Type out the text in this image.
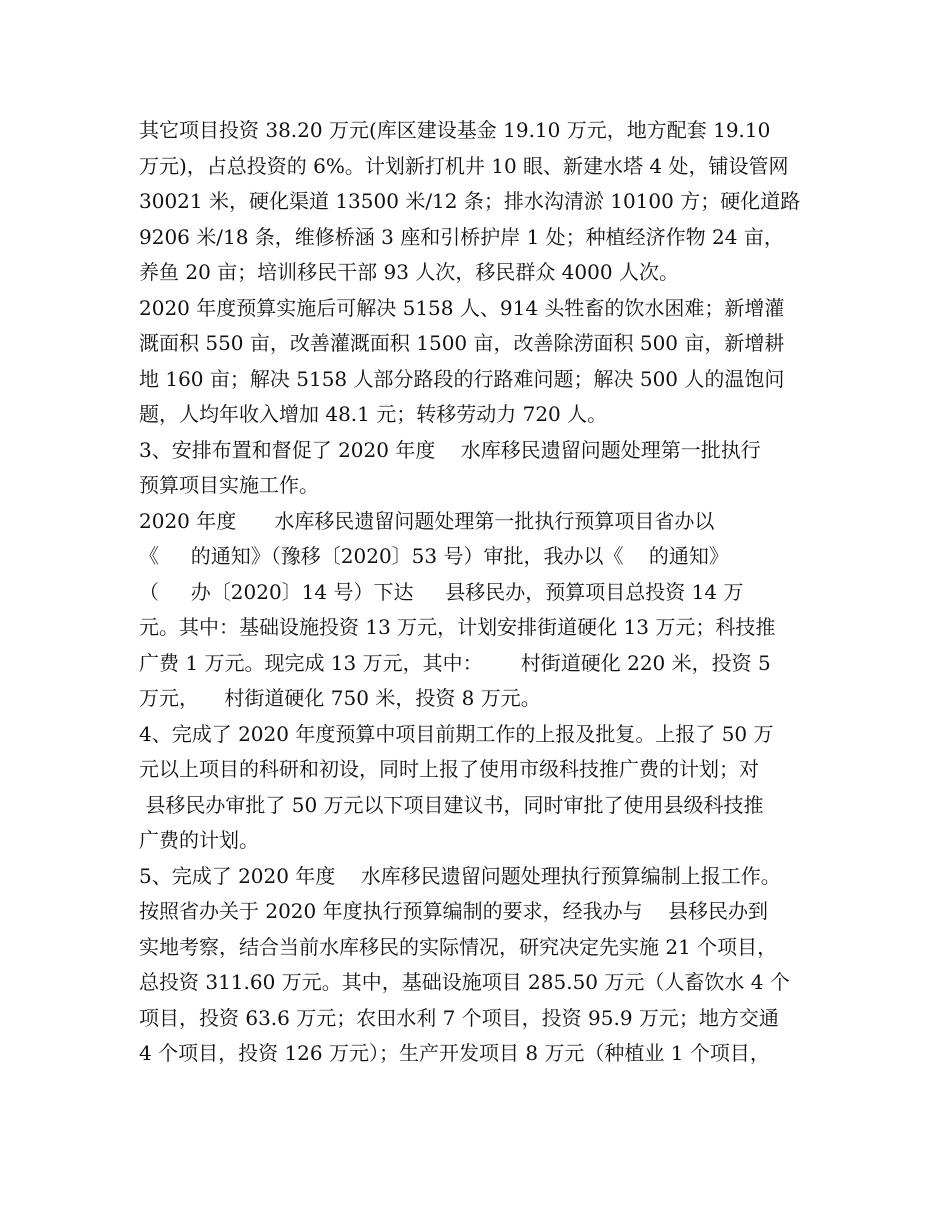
其它项目投资 38.20 万元(库区建设基金 19.10 万元，地方配套 19.10
万元)，占总投资的 6%。计划新打机井 10 眼、新建水塔 4 处，铺设管网
30021 米，硬化渠道 13500 米/12 条；排水沟清淤 10100 方；硬化道路
9206 米/18 条，维修桥涵 3 座和引桥护岸 1 处；种植经济作物 24 亩，
养鱼 20 亩；培训移民干部 93 人次，移民群众 4000 人次。
2020 年度预算实施后可解决 5158 人、914 头牲畜的饮水困难；新增灌
溉面积 550 亩，改善灌溉面积 1500 亩，改善除涝面积 500 亩，新增耕
地 160 亩；解决 5158 人部分路段的行路难问题；解决 500 人的温饱问
题，人均年收入增加 48.1 元；转移劳动力 720 人。
3、安排布置和督促了 2020 年度    水库移民遗留问题处理第一批执行
预算项目实施工作。
2020 年度      水库移民遗留问题处理第一批执行预算项目省办以
《     的通知》（豫移〔2020〕53 号）审批，我办以《    的通知》
（     办〔2020〕14 号）下达     县移民办，预算项目总投资 14 万
元。其中：基础设施投资 13 万元，计划安排街道硬化 13 万元；科技推
广费 1 万元。现完成 13 万元，其中：      村街道硬化 220 米，投资 5
万元，    村街道硬化 750 米，投资 8 万元。
4、完成了 2020 年度预算中项目前期工作的上报及批复。上报了 50 万
元以上项目的科研和初设，同时上报了使用市级科技推广费的计划；对
县移民办审批了 50 万元以下项目建议书，同时审批了使用县级科技推
广费的计划。
5、完成了 2020 年度    水库移民遗留问题处理执行预算编制上报工作。
按照省办关于 2020 年度执行预算编制的要求，经我办与    县移民办到
实地考察，结合当前水库移民的实际情况，研究决定先实施 21 个项目，
总投资 311.60 万元。其中，基础设施项目 285.50 万元（人畜饮水 4 个
项目，投资 63.6 万元；农田水利 7 个项目，投资 95.9 万元；地方交通
4 个项目，投资 126 万元）；生产开发项目 8 万元（种植业 1 个项目，
